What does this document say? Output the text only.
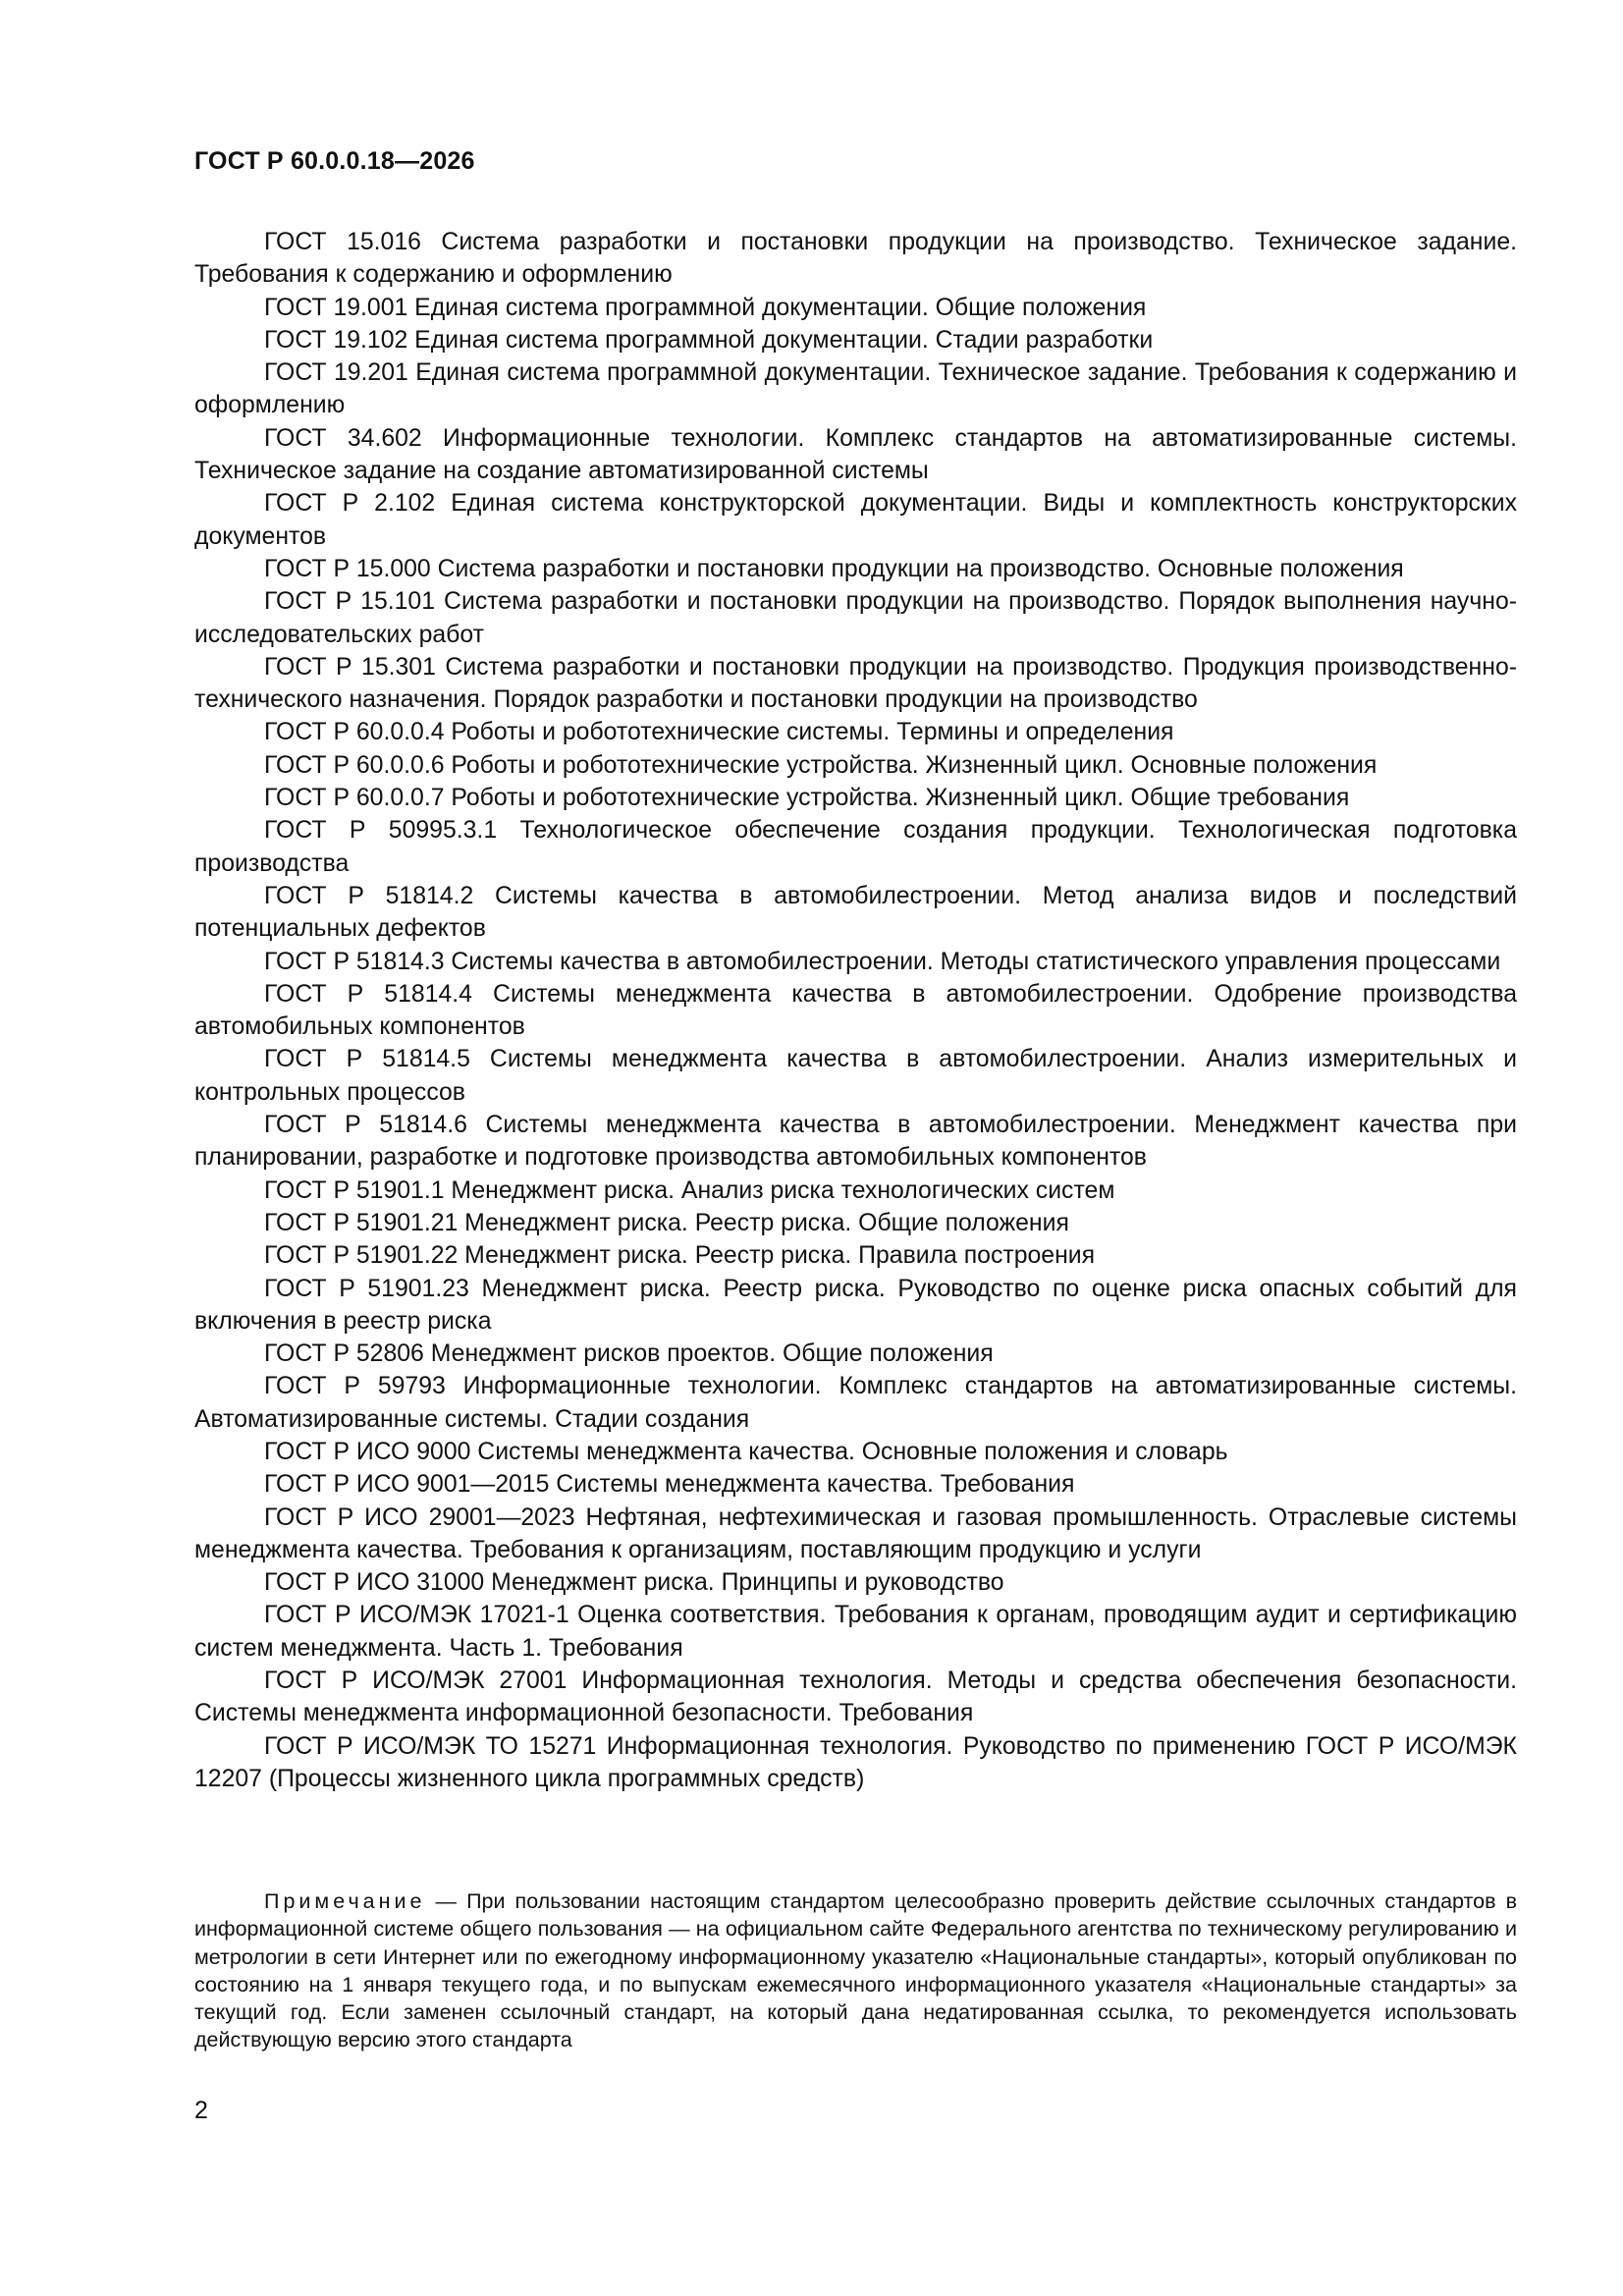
ГОСТ Р 60.0.0.18—2026

ГОСТ 15.016 Система разработки и постановки продукции на производство. Техническое задание. Требования к содержанию и оформлению

ГОСТ 19.001 Единая система программной документации. Общие положения

ГОСТ 19.102 Единая система программной документации. Стадии разработки

ГОСТ 19.201 Единая система программной документации. Техническое задание. Требования к содержанию и оформлению

ГОСТ 34.602 Информационные технологии. Комплекс стандартов на автоматизированные системы. Техническое задание на создание автоматизированной системы

ГОСТ Р 2.102 Единая система конструкторской документации. Виды и комплектность конструкторских документов

ГОСТ Р 15.000 Система разработки и постановки продукции на производство. Основные положения

ГОСТ Р 15.101 Система разработки и постановки продукции на производство. Порядок выполнения научно-исследовательских работ

ГОСТ Р 15.301 Система разработки и постановки продукции на производство. Продукция производственно-технического назначения. Порядок разработки и постановки продукции на производство

ГОСТ Р 60.0.0.4 Роботы и робототехнические системы. Термины и определения

ГОСТ Р 60.0.0.6 Роботы и робототехнические устройства. Жизненный цикл. Основные положения

ГОСТ Р 60.0.0.7 Роботы и робототехнические устройства. Жизненный цикл. Общие требования

ГОСТ Р 50995.3.1 Технологическое обеспечение создания продукции. Технологическая подготовка производства

ГОСТ Р 51814.2 Системы качества в автомобилестроении. Метод анализа видов и последствий потенциальных дефектов

ГОСТ Р 51814.3 Системы качества в автомобилестроении. Методы статистического управления процессами

ГОСТ Р 51814.4 Системы менеджмента качества в автомобилестроении. Одобрение производства автомобильных компонентов

ГОСТ Р 51814.5 Системы менеджмента качества в автомобилестроении. Анализ измерительных и контрольных процессов

ГОСТ Р 51814.6 Системы менеджмента качества в автомобилестроении. Менеджмент качества при планировании, разработке и подготовке производства автомобильных компонентов

ГОСТ Р 51901.1 Менеджмент риска. Анализ риска технологических систем

ГОСТ Р 51901.21 Менеджмент риска. Реестр риска. Общие положения

ГОСТ Р 51901.22 Менеджмент риска. Реестр риска. Правила построения

ГОСТ Р 51901.23 Менеджмент риска. Реестр риска. Руководство по оценке риска опасных событий для включения в реестр риска

ГОСТ Р 52806 Менеджмент рисков проектов. Общие положения

ГОСТ Р 59793 Информационные технологии. Комплекс стандартов на автоматизированные системы. Автоматизированные системы. Стадии создания

ГОСТ Р ИСО 9000 Системы менеджмента качества. Основные положения и словарь

ГОСТ Р ИСО 9001—2015 Системы менеджмента качества. Требования

ГОСТ Р ИСО 29001—2023 Нефтяная, нефтехимическая и газовая промышленность. Отраслевые системы менеджмента качества. Требования к организациям, поставляющим продукцию и услуги

ГОСТ Р ИСО 31000 Менеджмент риска. Принципы и руководство

ГОСТ Р ИСО/МЭК 17021-1 Оценка соответствия. Требования к органам, проводящим аудит и сертификацию систем менеджмента. Часть 1. Требования

ГОСТ Р ИСО/МЭК 27001 Информационная технология. Методы и средства обеспечения безопасности. Системы менеджмента информационной безопасности. Требования

ГОСТ Р ИСО/МЭК ТО 15271 Информационная технология. Руководство по применению ГОСТ Р ИСО/МЭК 12207 (Процессы жизненного цикла программных средств)

Примечание — При пользовании настоящим стандартом целесообразно проверить действие ссылочных стандартов в информационной системе общего пользования — на официальном сайте Федерального агентства по техническому регулированию и метрологии в сети Интернет или по ежегодному информационному указателю «Национальные стандарты», который опубликован по состоянию на 1 января текущего года, и по выпускам ежемесячного информационного указателя «Национальные стандарты» за текущий год. Если заменен ссылочный стандарт, на который дана недатированная ссылка, то рекомендуется использовать действующую версию этого стандарта
2
